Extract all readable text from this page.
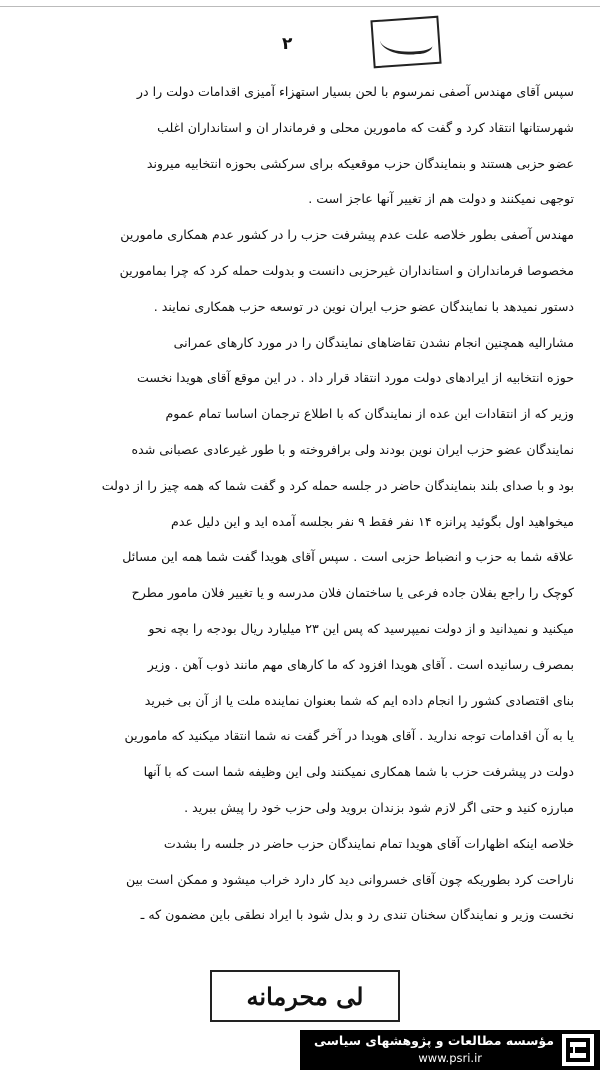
۲
سپس آقای مهندس آصفی نمرسوم با لحن بسیار استهزاء آمیزی اقدامات دولت را در
شهرستانها انتقاد کرد و گفت که مامورین محلی و فرماندار ان و استانداران اغلب
عضو حزبی هستند و بنمایندگان حزب موقعیکه برای سرکشی بحوزه انتخابیه میروند
توجهی نمیکنند و دولت هم از تغییر آنها عاجز است .
مهندس آصفی بطور خلاصه علت عدم پیشرفت حزب را در کشور عدم همکاری مامورین
مخصوصا فرمانداران و استانداران غیرحزبی دانست و بدولت حمله کرد که چرا بمامورین
دستور نمیدهد با نمایندگان عضو حزب ایران نوین در توسعه حزب همکاری نمایند .
مشارالیه همچنین انجام نشدن تقاضاهای نمایندگان را در مورد کارهای عمرانی
حوزه انتخابیه از ایرادهای دولت مورد انتقاد قرار داد . در این موقع آقای هویدا نخست
وزیر که از انتقادات این عده از نمایندگان که با اطلاع ترجمان اساسا تمام عموم
نمایندگان عضو حزب ایران نوین بودند ولی برافروخته و با طور غیرعادی عصبانی شده
بود و با صدای بلند بنمایندگان حاضر در جلسه حمله کرد و گفت شما که همه چیز را از دولت
میخواهید اول بگوئید پرانزه ۱۴ نفر فقط ۹ نفر بجلسه آمده اید و این دلیل عدم
علاقه شما به حزب و انضباط حزبی است . سپس آقای هویدا گفت شما همه این مسائل
کوچک را راجع بفلان جاده فرعی یا ساختمان فلان مدرسه و یا تغییر فلان مامور مطرح
میکنید و نمیدانید و از دولت نمیپرسید که پس این ۲۳ میلیارد ریال بودجه را بچه نحو
بمصرف رسانیده است . آقای هویدا افزود که ما کارهای مهم مانند ذوب آهن . وزیر
بنای اقتصادی کشور را انجام داده ایم که شما بعنوان نماینده ملت یا از آن بی خبرید
یا به آن اقدامات توجه ندارید . آقای هویدا در آخر گفت نه شما انتقاد میکنید که مامورین
دولت در پیشرفت حزب با شما همکاری نمیکنند ولی این وظیفه شما است که با آنها
مبارزه کنید و حتی اگر لازم شود بزندان بروید ولی حزب خود را پیش ببرید .
خلاصه اینکه اظهارات آقای هویدا تمام نمایندگان حزب حاضر در جلسه را بشدت
ناراحت کرد بطوریکه چون آقای خسروانی دید کار دارد خراب میشود و ممکن است بین
نخست وزیر و نمایندگان سخنان تندی رد و بدل شود با ایراد نطقی باین مضمون که ـ
لی محرمانه
مؤسسه مطالعات و پژوهشهای سیاسی
www.psri.ir
